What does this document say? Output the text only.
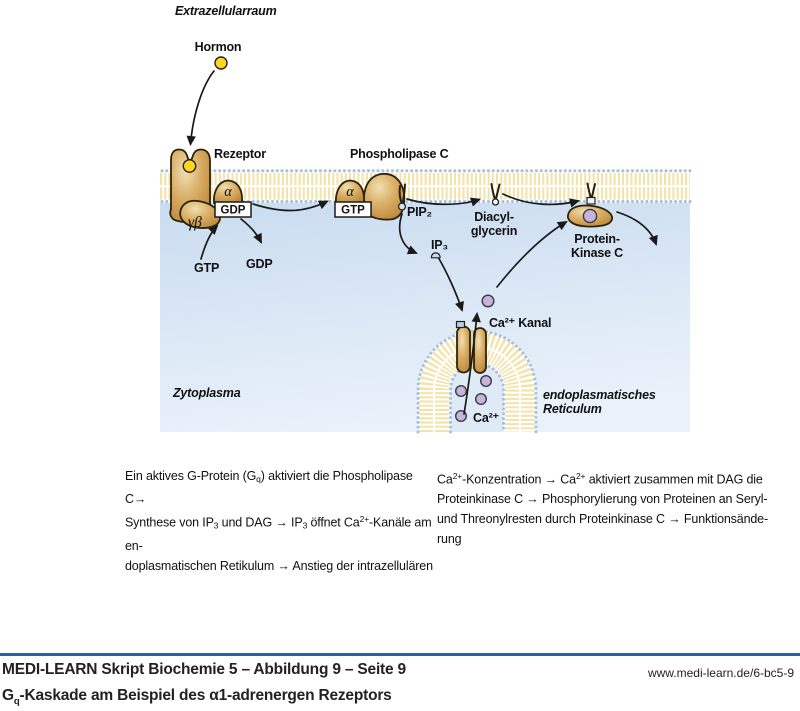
α
GDP
γβ
GTP GDP
α
GTP
Extrazellularraum
Hormon
Rezeptor	Phospholipase C
PIP₂
IP₃
Diacyl-
glycerin
Protein-
Kinase C
Ca²⁺ Kanal
Ca²⁺
Zytoplasma	endoplasmatisches
Reticulum
Ein aktives G-Protein $(G_q)$ aktiviert die Phospholipase C→
Synthese von $IP_3$ und DAG → $IP_3$ öffnet $Ca^{2+}$-Kanäle am en-
doplasmatischen Retikulum → Anstieg der intrazellulären
$Ca^{2+}$-Konzentration → $Ca^{2+}$ aktiviert zusammen mit DAG die
Proteinkinase C → Phosphorylierung von Proteinen an Seryl-
und Threonylresten durch Proteinkinase C → Funktionsände-
rung
MEDI-LEARN Skript Biochemie 5 – Abbildung 9 – Seite 9
$G_q$-Kaskade am Beispiel des α1-adrenergen Rezeptors
www.medi-learn.de/6-bc5-9
